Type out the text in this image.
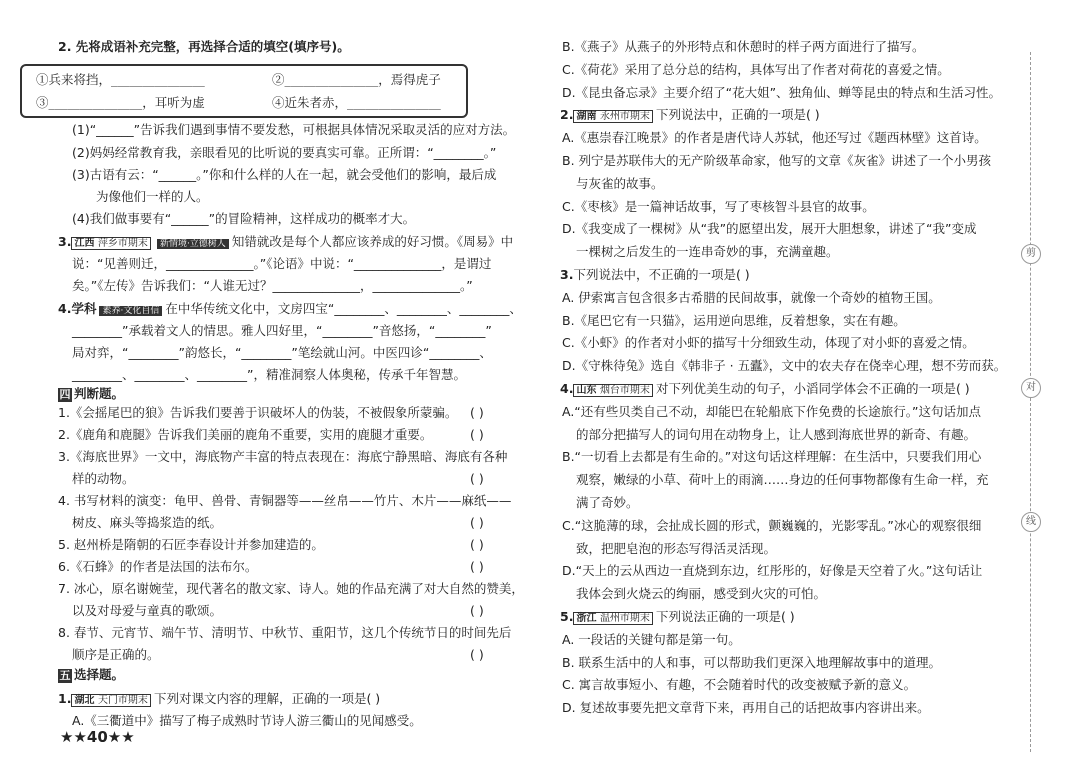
2. 先将成语补充完整，再选择合适的填空(填序号)。
①兵来将挡，_______________	②_______________，焉得虎子
③_______________，耳听为虚	④近朱者赤，_______________
(1)“______”告诉我们遇到事情不要发愁，可根据具体情况采取灵活的应对方法。
(2)妈妈经常教育我，亲眼看见的比听说的要真实可靠。正所谓：“________。”
(3)古语有云：“______。”你和什么样的人在一起，就会受他们的影响，最后成
为像他们一样的人。
(4)我们做事要有“______”的冒险精神，这样成功的概率才大。
3. 江西 萍乡市期末 新情境·立德树人 知错就改是每个人都应该养成的好习惯。《周易》中
说：“见善则迁，______________。”《论语》中说：“______________，是谓过
矣。”《左传》告诉我们：“人谁无过？______________，______________。”
4.学科 素养·文化自信 在中华传统文化中，文房四宝“________、________、________、
________”承载着文人的情思。雅人四好里，“________”音悠扬，“________”
局对弈，“________”韵悠长，“________”笔绘就山河。中医四诊“________、
________、________、________”，精准洞察人体奥秘，传承千年智慧。
四 判断题。
1.《会摇尾巴的狼》告诉我们要善于识破坏人的伪装，不被假象所蒙骗。 ( )
2.《鹿角和鹿腿》告诉我们美丽的鹿角不重要，实用的鹿腿才重要。	( )
3.《海底世界》一文中，海底物产丰富的特点表现在：海底宁静黑暗、海底有各种
样的动物。	( )
4. 书写材料的演变：龟甲、兽骨、青铜器等——丝帛——竹片、木片——麻纸——
树皮、麻头等捣浆造的纸。	( )
5. 赵州桥是隋朝的石匠李春设计并参加建造的。	( )
6.《石蜂》的作者是法国的法布尔。	( )
7. 冰心，原名谢婉莹，现代著名的散文家、诗人。她的作品充满了对大自然的赞美，
以及对母爱与童真的歌颂。	( )
8. 春节、元宵节、端午节、清明节、中秋节、重阳节，这几个传统节日的时间先后
顺序是正确的。	( )
五 选择题。
1. 湖北 天门市期末 下列对课文内容的理解，正确的一项是( )
A.《三衢道中》描写了梅子成熟时节诗人游三衢山的见闻感受。
★★40★★
B.《燕子》从燕子的外形特点和休憩时的样子两方面进行了描写。
C.《荷花》采用了总分总的结构，具体写出了作者对荷花的喜爱之情。
D.《昆虫备忘录》主要介绍了“花大姐”、独角仙、蝉等昆虫的特点和生活习性。
2. 湖南 永州市期末 下列说法中，正确的一项是( )
A.《惠崇春江晚景》的作者是唐代诗人苏轼，他还写过《题西林壁》这首诗。
B. 列宁是苏联伟大的无产阶级革命家，他写的文章《灰雀》讲述了一个小男孩
与灰雀的故事。
C.《枣核》是一篇神话故事，写了枣核智斗县官的故事。
D.《我变成了一棵树》从“我”的愿望出发，展开大胆想象，讲述了“我”变成
一棵树之后发生的一连串奇妙的事，充满童趣。
3.下列说法中，不正确的一项是( )
A. 伊索寓言包含很多古希腊的民间故事，就像一个奇妙的植物王国。
B.《尾巴它有一只猫》，运用逆向思维，反着想象，实在有趣。
C.《小虾》的作者对小虾的描写十分细致生动，体现了对小虾的喜爱之情。
D.《守株待兔》选自《韩非子 · 五蠹》，文中的农夫存在侥幸心理，想不劳而获。
4. 山东 烟台市期末 对下列优美生动的句子，小滔同学体会不正确的一项是( )
A.“还有些贝类自己不动，却能巴在轮船底下作免费的长途旅行。”这句话加点
的部分把描写人的词句用在动物身上，让人感到海底世界的新奇、有趣。
B.“一切看上去都是有生命的。”对这句话这样理解：在生活中，只要我们用心
观察，嫩绿的小草、荷叶上的雨滴……身边的任何事物都像有生命一样，充
满了奇妙。
C.“这脆薄的球，会扯成长圆的形式，颤巍巍的，光影零乱。”冰心的观察很细
致，把肥皂泡的形态写得活灵活现。
D.“天上的云从西边一直烧到东边，红彤彤的，好像是天空着了火。”这句话让
我体会到火烧云的绚丽，感受到火灾的可怕。
5. 浙江 温州市期末 下列说法正确的一项是( )
A. 一段话的关键句都是第一句。
B. 联系生活中的人和事，可以帮助我们更深入地理解故事中的道理。
C. 寓言故事短小、有趣，不会随着时代的改变被赋予新的意义。
D. 复述故事要先把文章背下来，再用自己的话把故事内容讲出来。
剪
对
线
